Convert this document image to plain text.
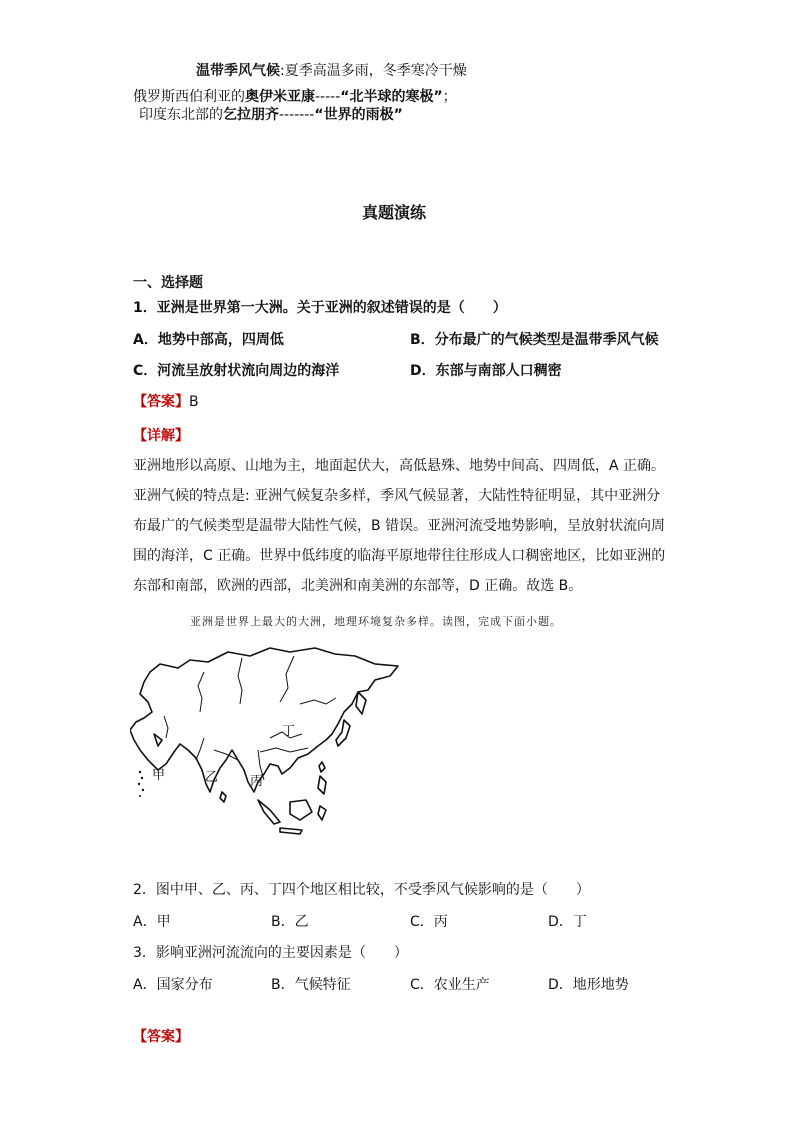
温带季风气候:夏季高温多雨，冬季寒冷干燥
俄罗斯西伯利亚的奥伊米亚康-----“北半球的寒极”；
印度东北部的乞拉朋齐-------“世界的雨极”
真题演练
一、选择题
1．亚洲是世界第一大洲。关于亚洲的叙述错误的是（　　）
A．地势中部高，四周低	B．分布最广的气候类型是温带季风气候
C．河流呈放射状流向周边的海洋	D．东部与南部人口稠密
【答案】B
【详解】
亚洲地形以高原、山地为主，地面起伏大，高低悬殊、地势中间高、四周低，A 正确。
亚洲气候的特点是: 亚洲气候复杂多样，季风气候显著，大陆性特征明显，其中亚洲分
布最广的气候类型是温带大陆性气候，B 错误。亚洲河流受地势影响，呈放射状流向周
围的海洋，C 正确。世界中低纬度的临海平原地带往往形成人口稠密地区，比如亚洲的
东部和南部，欧洲的西部，北美洲和南美洲的东部等，D 正确。故选 B。
亚洲是世界上最大的大洲，地理环境复杂多样。读图，完成下面小题。
甲	乙 丙
丁
2．图中甲、乙、丙、丁四个地区相比较，不受季风气候影响的是（　　）
A．甲	B．乙	C．丙	D．丁
3．影响亚洲河流流向的主要因素是（　　）
A．国家分布	B．气候特征	C．农业生产	D．地形地势
【答案】
